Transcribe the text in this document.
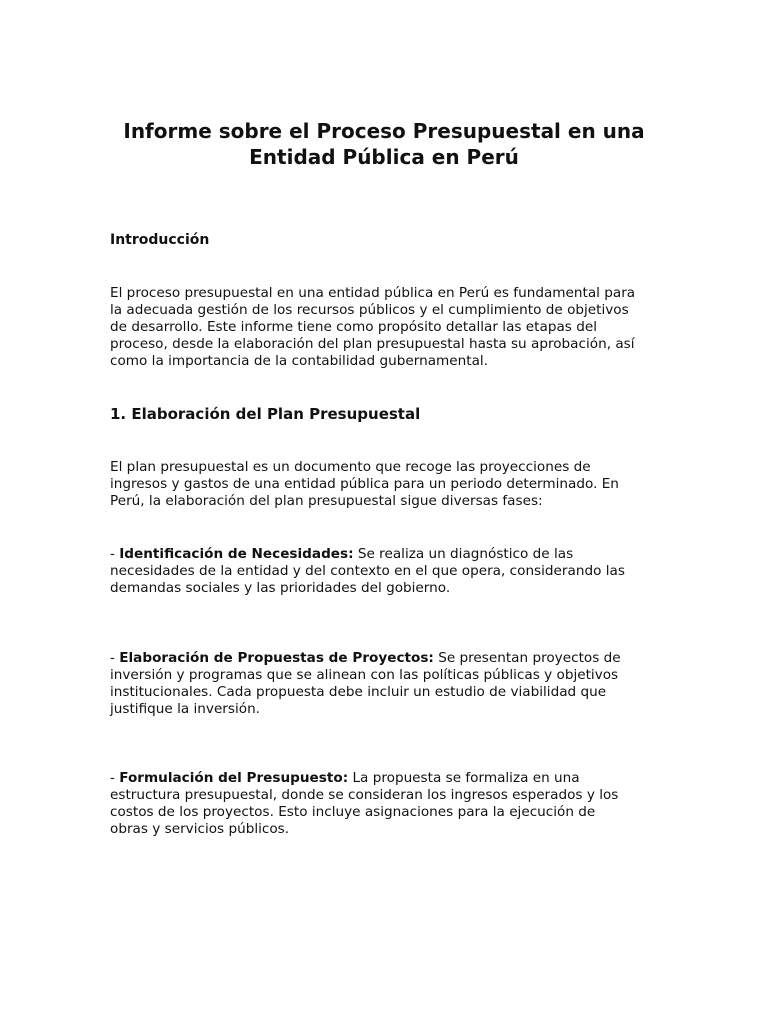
Informe sobre el Proceso Presupuestal en una
Entidad Pública en Perú
Introducción

El proceso presupuestal en una entidad pública en Perú es fundamental para
la adecuada gestión de los recursos públicos y el cumplimiento de objetivos
de desarrollo. Este informe tiene como propósito detallar las etapas del
proceso, desde la elaboración del plan presupuestal hasta su aprobación, así
como la importancia de la contabilidad gubernamental.

1. Elaboración del Plan Presupuestal

El plan presupuestal es un documento que recoge las proyecciones de
ingresos y gastos de una entidad pública para un periodo determinado. En
Perú, la elaboración del plan presupuestal sigue diversas fases:

- Identificación de Necesidades: Se realiza un diagnóstico de las
necesidades de la entidad y del contexto en el que opera, considerando las
demandas sociales y las prioridades del gobierno.

- Elaboración de Propuestas de Proyectos: Se presentan proyectos de
inversión y programas que se alinean con las políticas públicas y objetivos
institucionales. Cada propuesta debe incluir un estudio de viabilidad que
justifique la inversión.

- Formulación del Presupuesto: La propuesta se formaliza en una
estructura presupuestal, donde se consideran los ingresos esperados y los
costos de los proyectos. Esto incluye asignaciones para la ejecución de
obras y servicios públicos.
